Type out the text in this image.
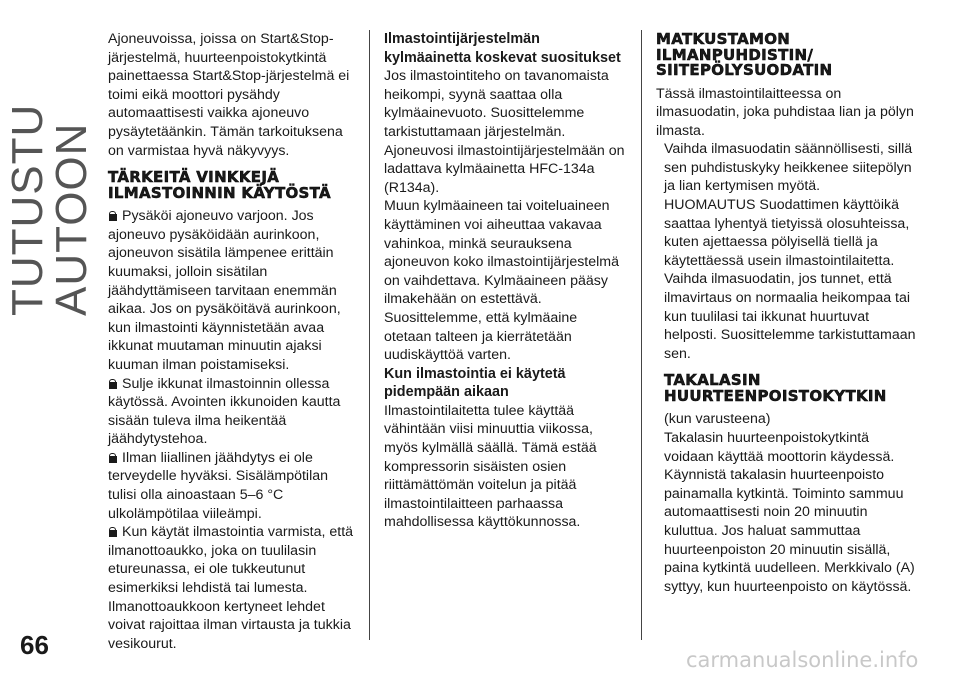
TUTUSTU AUTOON

Ajoneuvoissa, joissa on Start&Stop-järjestelmä, huurteenpoistokytkintä painettaessa Start&Stop-järjestelmä ei toimi eikä moottori pysähdy automaattisesti vaikka ajoneuvo pysäytetäänkin. Tämän tarkoituksena on varmistaa hyvä näkyvyys.

TÄRKEITÄ VINKKEJÄ ILMASTOINNIN KÄYTÖSTÄ

Pysäköi ajoneuvo varjoon. Jos ajoneuvo pysäköidään aurinkoon, ajoneuvon sisätila lämpenee erittäin kuumaksi, jolloin sisätilan jäähdyttämiseen tarvitaan enemmän aikaa. Jos on pysäköitävä aurinkoon, kun ilmastointi käynnistetään avaa ikkunat muutaman minuutin ajaksi kuuman ilman poistamiseksi.

Sulje ikkunat ilmastoinnin ollessa käytössä. Avointen ikkunoiden kautta sisään tuleva ilma heikentää jäähdytystehoa.

Ilman liiallinen jäähdytys ei ole terveydelle hyväksi. Sisälämpötilan tulisi olla ainoastaan 5–6 °C ulkolämpötilaa viileämpi.

Kun käytät ilmastointia varmista, että ilmanottoaukko, joka on tuulilasin etureunassa, ei ole tukkeutunut esimerkiksi lehdistä tai lumesta. Ilmanottoaukkoon kertyneet lehdet voivat rajoittaa ilman virtausta ja tukkia vesikourut.

Ilmastointijärjestelmän kylmäainetta koskevat suositukset

Jos ilmastointiteho on tavanomaista heikompi, syynä saattaa olla kylmäainevuoto. Suosittelemme tarkistuttamaan järjestelmän.

Ajoneuvosi ilmastointijärjestelmään on ladattava kylmäainetta HFC-134a (R134a).

Muun kylmäaineen tai voiteluaineen käyttäminen voi aiheuttaa vakavaa vahinkoa, minkä seurauksena ajoneuvon koko ilmastointijärjestelmä on vaihdettava. Kylmäaineen pääsy ilmakehään on estettävä.

Suosittelemme, että kylmäaine otetaan talteen ja kierrätetään uudiskäyttöä varten.

Kun ilmastointia ei käytetä pidempään aikaan

Ilmastointilaitetta tulee käyttää vähintään viisi minuuttia viikossa, myös kylmällä säällä. Tämä estää kompressorin sisäisten osien riittämättömän voitelun ja pitää ilmastointilaitteen parhaassa mahdollisessa käyttökunnossa.

MATKUSTAMON ILMANPUHDISTIN/ SIITEPÖLYSUODATIN

Tässä ilmastointilaitteessa on ilmasuodatin, joka puhdistaa lian ja pölyn ilmasta.

Vaihda ilmasuodatin säännöllisesti, sillä sen puhdistuskyky heikkenee siitepölyn ja lian kertymisen myötä.

HUOMAUTUS Suodattimen käyttöikä saattaa lyhentyä tietyissä olosuhteissa, kuten ajettaessa pölyisellä tiellä ja käytettäessä usein ilmastointilaitetta. Vaihda ilmasuodatin, jos tunnet, että ilmavirtaus on normaalia heikompaa tai kun tuulilasi tai ikkunat huurtuvat helposti. Suosittelemme tarkistuttamaan sen.

TAKALASIN HUURTEENPOISTOKYTKIN

(kun varusteena)

Takalasin huurteenpoistokytkintä voidaan käyttää moottorin käydessä. Käynnistä takalasin huurteenpoisto painamalla kytkintä. Toiminto sammuu automaattisesti noin 20 minuutin kuluttua. Jos haluat sammuttaa huurteenpoiston 20 minuutin sisällä, paina kytkintä uudelleen. Merkkivalo (A) syttyy, kun huurteenpoisto on käytössä.

66	carmanualsonline.info
